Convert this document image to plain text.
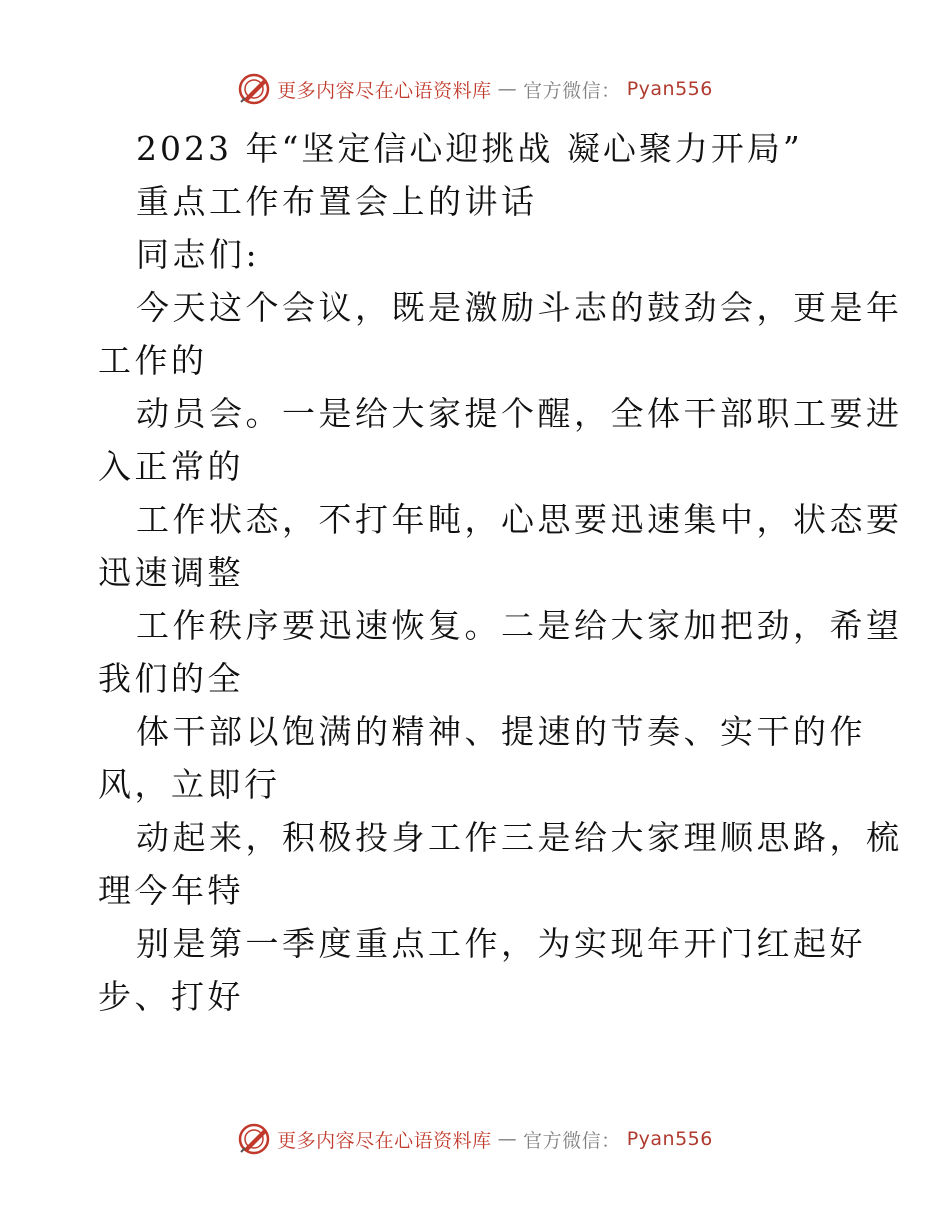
更多内容尽在心语资料库 — 官方微信： Pyan556
2023 年“坚定信心迎挑战 凝心聚力开局”
重点工作布置会上的讲话
同志们:
今天这个会议，既是激励斗志的鼓劲会，更是年
工作的
动员会。一是给大家提个醒，全体干部职工要进
入正常的
工作状态，不打年盹，心思要迅速集中，状态要
迅速调整
工作秩序要迅速恢复。二是给大家加把劲，希望
我们的全
体干部以饱满的精神、提速的节奏、实干的作
风，立即行
动起来，积极投身工作三是给大家理顺思路，梳
理今年特
别是第一季度重点工作，为实现年开门红起好
步、打好
更多内容尽在心语资料库 — 官方微信： Pyan556
